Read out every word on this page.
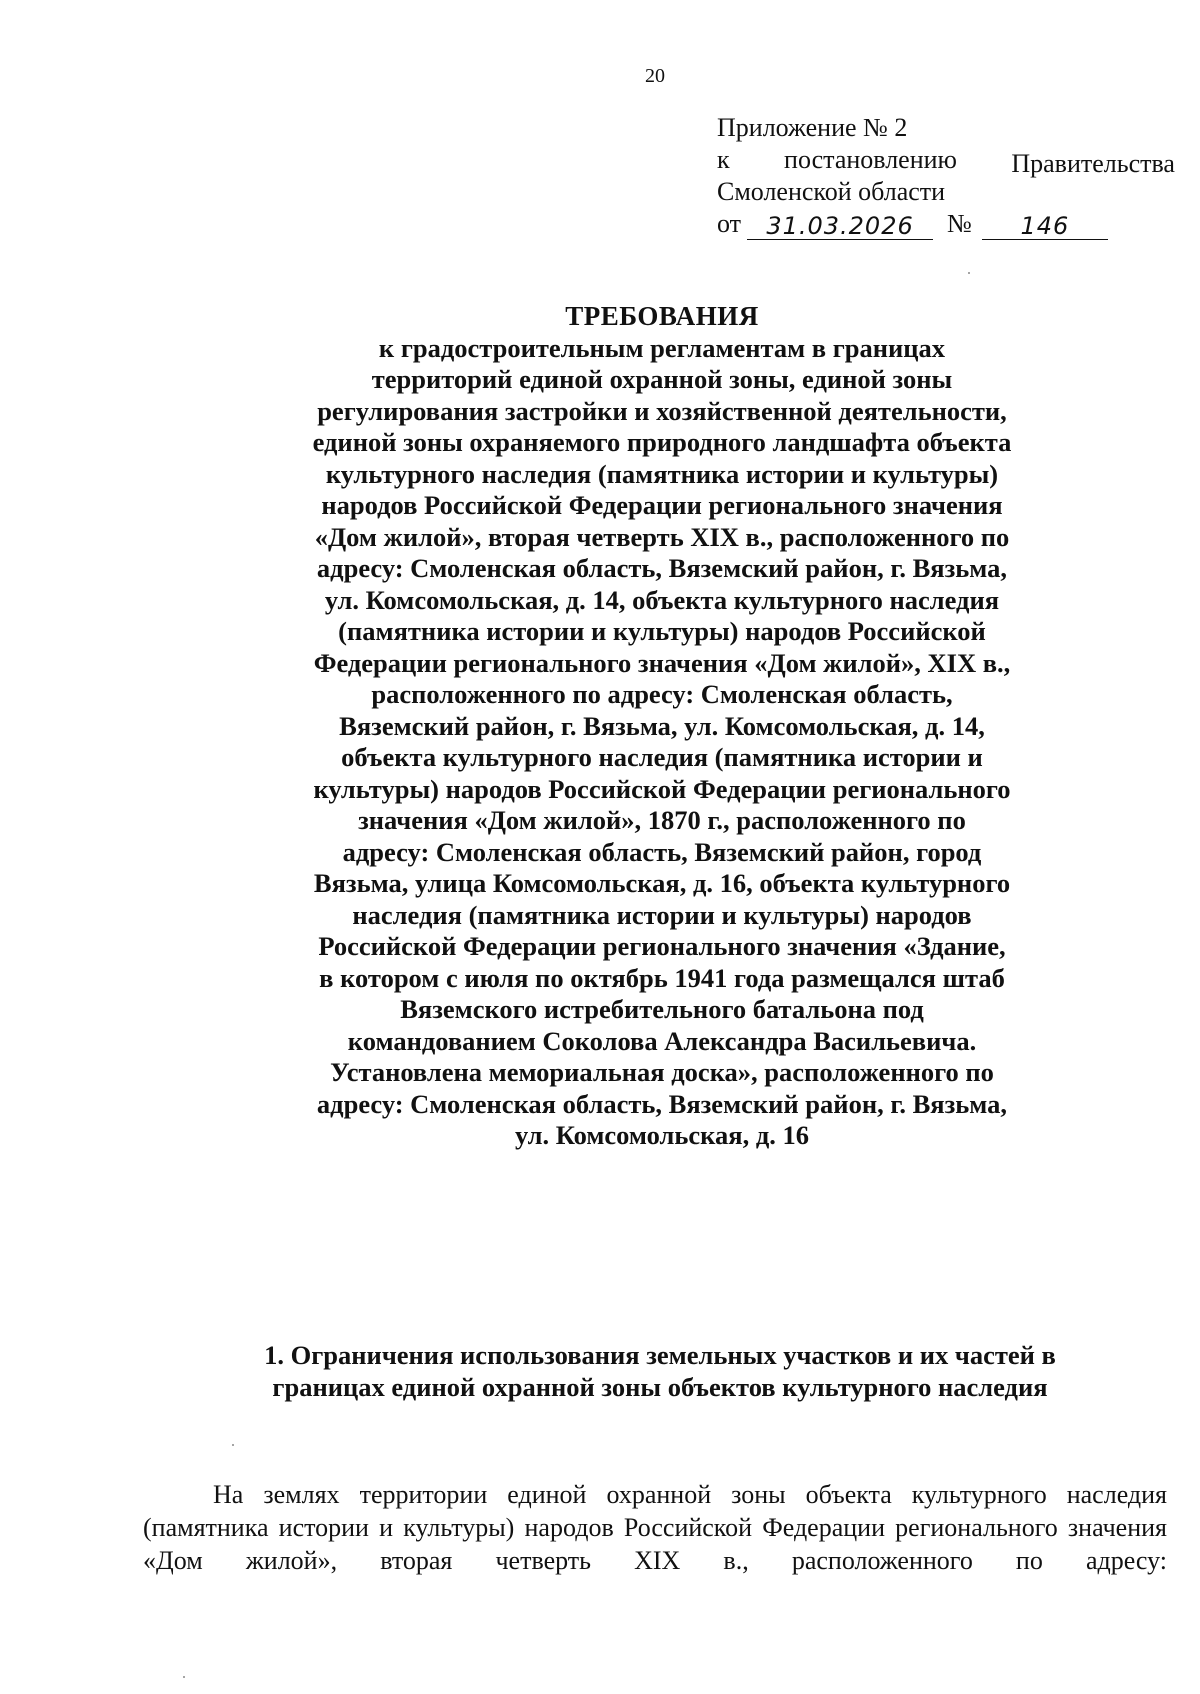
20
Приложение № 2
к постановлению Правительства
Смоленской области
от	31.03.2026	№	146
ТРЕБОВАНИЯ
к градостроительным регламентам в границах территорий единой охранной зоны, единой зоны регулирования застройки и хозяйственной деятельности, единой зоны охраняемого природного ландшафта объекта культурного наследия (памятника истории и культуры) народов Российской Федерации регионального значения «Дом жилой», вторая четверть XIX в., расположенного по адресу: Смоленская область, Вяземский район, г. Вязьма, ул. Комсомольская, д. 14, объекта культурного наследия (памятника истории и культуры) народов Российской Федерации регионального значения «Дом жилой», XIX в., расположенного по адресу: Смоленская область, Вяземский район, г. Вязьма, ул. Комсомольская, д. 14, объекта культурного наследия (памятника истории и культуры) народов Российской Федерации регионального значения «Дом жилой», 1870 г., расположенного по адресу: Смоленская область, Вяземский район, город Вязьма, улица Комсомольская, д. 16, объекта культурного наследия (памятника истории и культуры) народов Российской Федерации регионального значения «Здание, в котором с июля по октябрь 1941 года размещался штаб Вяземского истребительного батальона под командованием Соколова Александра Васильевича. Установлена мемориальная доска», расположенного по адресу: Смоленская область, Вяземский район, г. Вязьма, ул. Комсомольская, д. 16
1. Ограничения использования земельных участков и их частей в границах единой охранной зоны объектов культурного наследия

На землях территории единой охранной зоны объекта культурного наследия (памятника истории и культуры) народов Российской Федерации регионального значения «Дом жилой», вторая четверть XIX в., расположенного по адресу:
